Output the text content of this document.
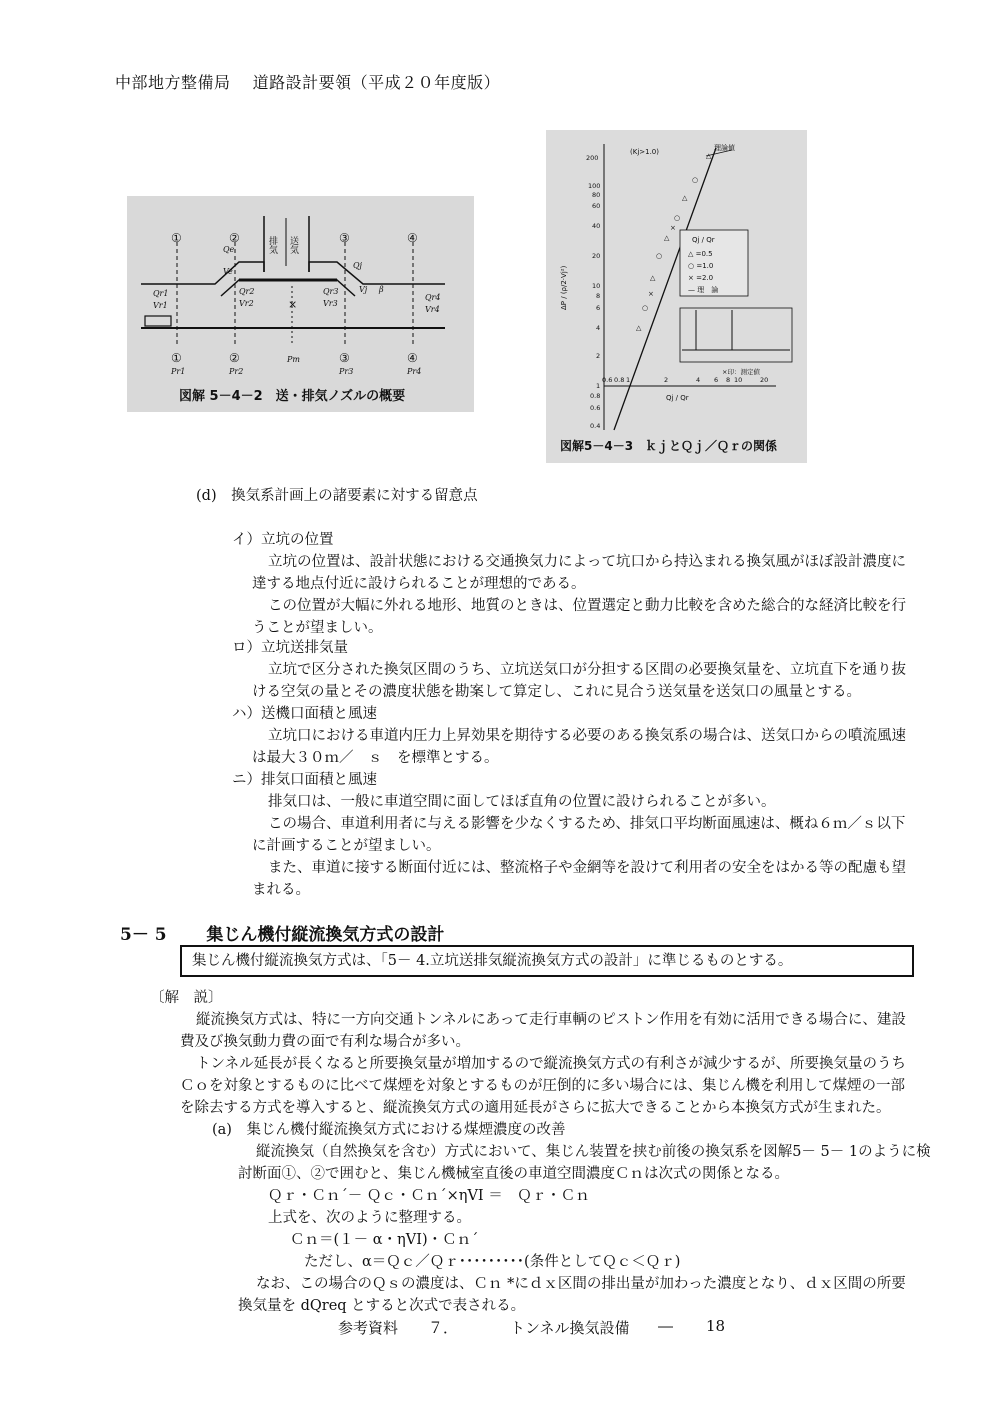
中部地方整備局　 道路設計要領（平成２０年度版）
排気 送気
①	②	③	④
①	②	③	④
Qe
Ve
Qj
Vj β
Qr1
Vr1
Qr2
Vr2
Qr3
Vr3
Qr4
Vr4
×
Pr1	Pr2
Pm
Pr3	Pr4
図解 5－4－2　送・排気ノズルの概要
200
100
80
60
40
20
10
8
6
4
2
1
0.8
0.6
0.4
0.6 0.8 1	2	4 6 8 10	20
理論値
(Kj>1.0)
△
○
△
○
△
○
△
○
×
×
△
Qj / Qr
△ =0.5
○ =1.0
× =2.0
— 理　論
×印：測定値
ΔP / (ρ/2·Vj²)
Qj / Qr
図解5－4－3　ｋｊとＱｊ／Ｑｒの関係
(d)　換気系計画上の諸要素に対する留意点
イ）立坑の位置
立坑の位置は、設計状態における交通換気力によって坑口から持込まれる換気風がほぼ設計濃度に
達する地点付近に設けられることが理想的である。
この位置が大幅に外れる地形、地質のときは、位置選定と動力比較を含めた総合的な経済比較を行
うことが望ましい。
ロ）立坑送排気量
立坑で区分された換気区間のうち、立坑送気口が分担する区間の必要換気量を、立坑直下を通り抜
ける空気の量とその濃度状態を勘案して算定し、これに見合う送気量を送気口の風量とする。
ハ）送機口面積と風速
立坑口における車道内圧力上昇効果を期待する必要のある換気系の場合は、送気口からの噴流風速
は最大３０ｍ／　ｓ　を標準とする。
ニ）排気口面積と風速
排気口は、一般に車道空間に面してほぼ直角の位置に設けられることが多い。
この場合、車道利用者に与える影響を少なくするため、排気口平均断面風速は、概ね６ｍ／ｓ以下
に計画することが望ましい。
また、車道に接する断面付近には、整流格子や金網等を設けて利用者の安全をはかる等の配慮も望
まれる。
5－ 5 集じん機付縦流換気方式の設計
集じん機付縦流換気方式は、「5－ 4.立坑送排気縦流換気方式の設計」に準じるものとする。
〔解　説〕
縦流換気方式は、特に一方向交通トンネルにあって走行車輌のピストン作用を有効に活用できる場合に、建設
費及び換気動力費の面で有利な場合が多い。
トンネル延長が長くなると所要換気量が増加するので縦流換気方式の有利さが減少するが、所要換気量のうち
Ｃｏを対象とするものに比べて煤煙を対象とするものが圧倒的に多い場合には、集じん機を利用して煤煙の一部
を除去する方式を導入すると、縦流換気方式の適用延長がさらに拡大できることから本換気方式が生まれた。
(a)　集じん機付縦流換気方式における煤煙濃度の改善
縦流換気（自然換気を含む）方式において、集じん装置を挟む前後の換気系を図解5－ 5－ 1のように検
討断面①、②で囲むと、集じん機械室直後の車道空間濃度Ｃｎは次式の関係となる。
Ｑｒ・Ｃｎ´－ Ｑｃ・Ｃｎ´×ηVI ＝　Ｑｒ・Ｃｎ
上式を、次のように整理する。
Ｃｎ＝(１－ α・ηVI)・Ｃｎ´
ただし、α＝Ｑｃ／Ｑｒ･････････(条件としてＱｃ＜Ｑｒ)
なお、この場合のＱｓの濃度は、Ｃｎ *にｄｘ区間の排出量が加わった濃度となり、ｄｘ区間の所要
換気量を dQreq とすると次式で表される。
参考資料　　７．	トンネル換気設備 ― 18
